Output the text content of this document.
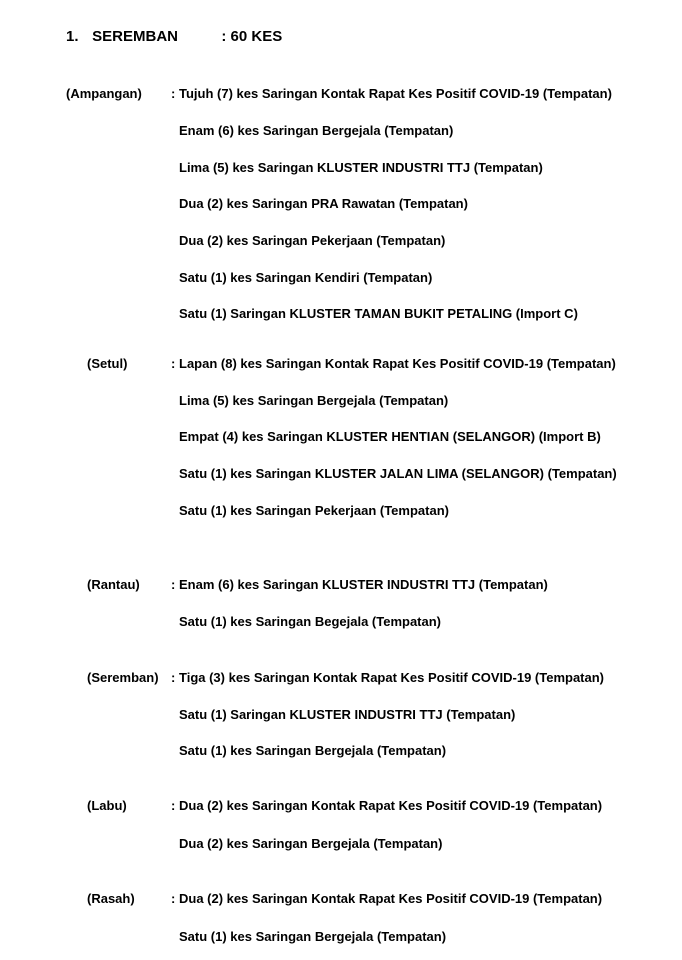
1. SEREMBAN	: 60 KES
(Ampangan) : Tujuh (7) kes Saringan Kontak Rapat Kes Positif COVID-19 (Tempatan)
Enam (6) kes Saringan Bergejala (Tempatan)
Lima (5) kes Saringan KLUSTER INDUSTRI TTJ (Tempatan)
Dua (2) kes Saringan PRA Rawatan (Tempatan)
Dua (2) kes Saringan Pekerjaan (Tempatan)
Satu (1) kes Saringan Kendiri (Tempatan)
Satu (1) Saringan KLUSTER TAMAN BUKIT PETALING (Import C)
(Setul)	: Lapan (8) kes Saringan Kontak Rapat Kes Positif COVID-19 (Tempatan)
Lima (5) kes Saringan Bergejala (Tempatan)
Empat (4) kes Saringan KLUSTER HENTIAN (SELANGOR) (Import B)
Satu (1) kes Saringan KLUSTER JALAN LIMA (SELANGOR) (Tempatan)
Satu (1) kes Saringan Pekerjaan (Tempatan)
(Rantau) : Enam (6) kes Saringan KLUSTER INDUSTRI TTJ (Tempatan)
Satu (1) kes Saringan Begejala (Tempatan)
(Seremban) : Tiga (3) kes Saringan Kontak Rapat Kes Positif COVID-19 (Tempatan)
Satu (1) Saringan KLUSTER INDUSTRI TTJ (Tempatan)
Satu (1) kes Saringan Bergejala (Tempatan)
(Labu)	: Dua (2) kes Saringan Kontak Rapat Kes Positif COVID-19 (Tempatan)
Dua (2) kes Saringan Bergejala (Tempatan)
(Rasah)	: Dua (2) kes Saringan Kontak Rapat Kes Positif COVID-19 (Tempatan)
Satu (1) kes Saringan Bergejala (Tempatan)
